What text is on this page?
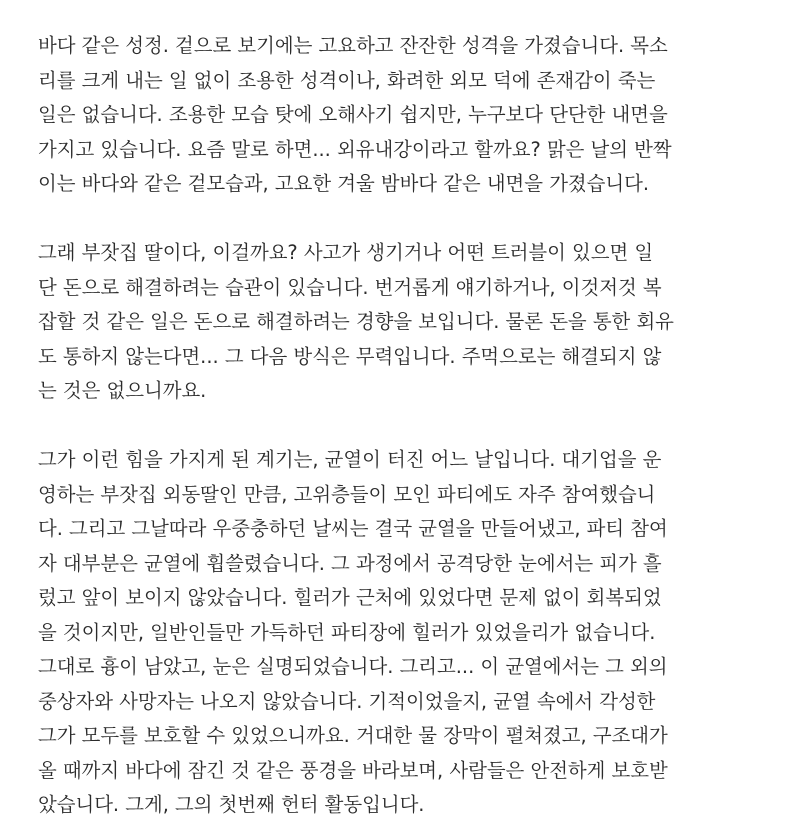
바다 같은 성정. 겉으로 보기에는 고요하고 잔잔한 성격을 가졌습니다. 목소
리를 크게 내는 일 없이 조용한 성격이나, 화려한 외모 덕에 존재감이 죽는
일은 없습니다. 조용한 모습 탓에 오해사기 쉽지만, 누구보다 단단한 내면을
가지고 있습니다. 요즘 말로 하면... 외유내강이라고 할까요? 맑은 날의 반짝
이는 바다와 같은 겉모습과, 고요한 겨울 밤바다 같은 내면을 가졌습니다.
그래 부잣집 딸이다, 이걸까요? 사고가 생기거나 어떤 트러블이 있으면 일
단 돈으로 해결하려는 습관이 있습니다. 번거롭게 얘기하거나, 이것저것 복
잡할 것 같은 일은 돈으로 해결하려는 경향을 보입니다. 물론 돈을 통한 회유
도 통하지 않는다면... 그 다음 방식은 무력입니다. 주먹으로는 해결되지 않
는 것은 없으니까요.
그가 이런 힘을 가지게 된 계기는, 균열이 터진 어느 날입니다. 대기업을 운
영하는 부잣집 외동딸인 만큼, 고위층들이 모인 파티에도 자주 참여했습니
다. 그리고 그날따라 우중충하던 날씨는 결국 균열을 만들어냈고, 파티 참여
자 대부분은 균열에 휩쓸렸습니다. 그 과정에서 공격당한 눈에서는 피가 흘
렀고 앞이 보이지 않았습니다. 힐러가 근처에 있었다면 문제 없이 회복되었
을 것이지만, 일반인들만 가득하던 파티장에 힐러가 있었을리가 없습니다.
그대로 흉이 남았고, 눈은 실명되었습니다. 그리고... 이 균열에서는 그 외의
중상자와 사망자는 나오지 않았습니다. 기적이었을지, 균열 속에서 각성한
그가 모두를 보호할 수 있었으니까요. 거대한 물 장막이 펼쳐졌고, 구조대가
올 때까지 바다에 잠긴 것 같은 풍경을 바라보며, 사람들은 안전하게 보호받
았습니다. 그게, 그의 첫번째 헌터 활동입니다.
